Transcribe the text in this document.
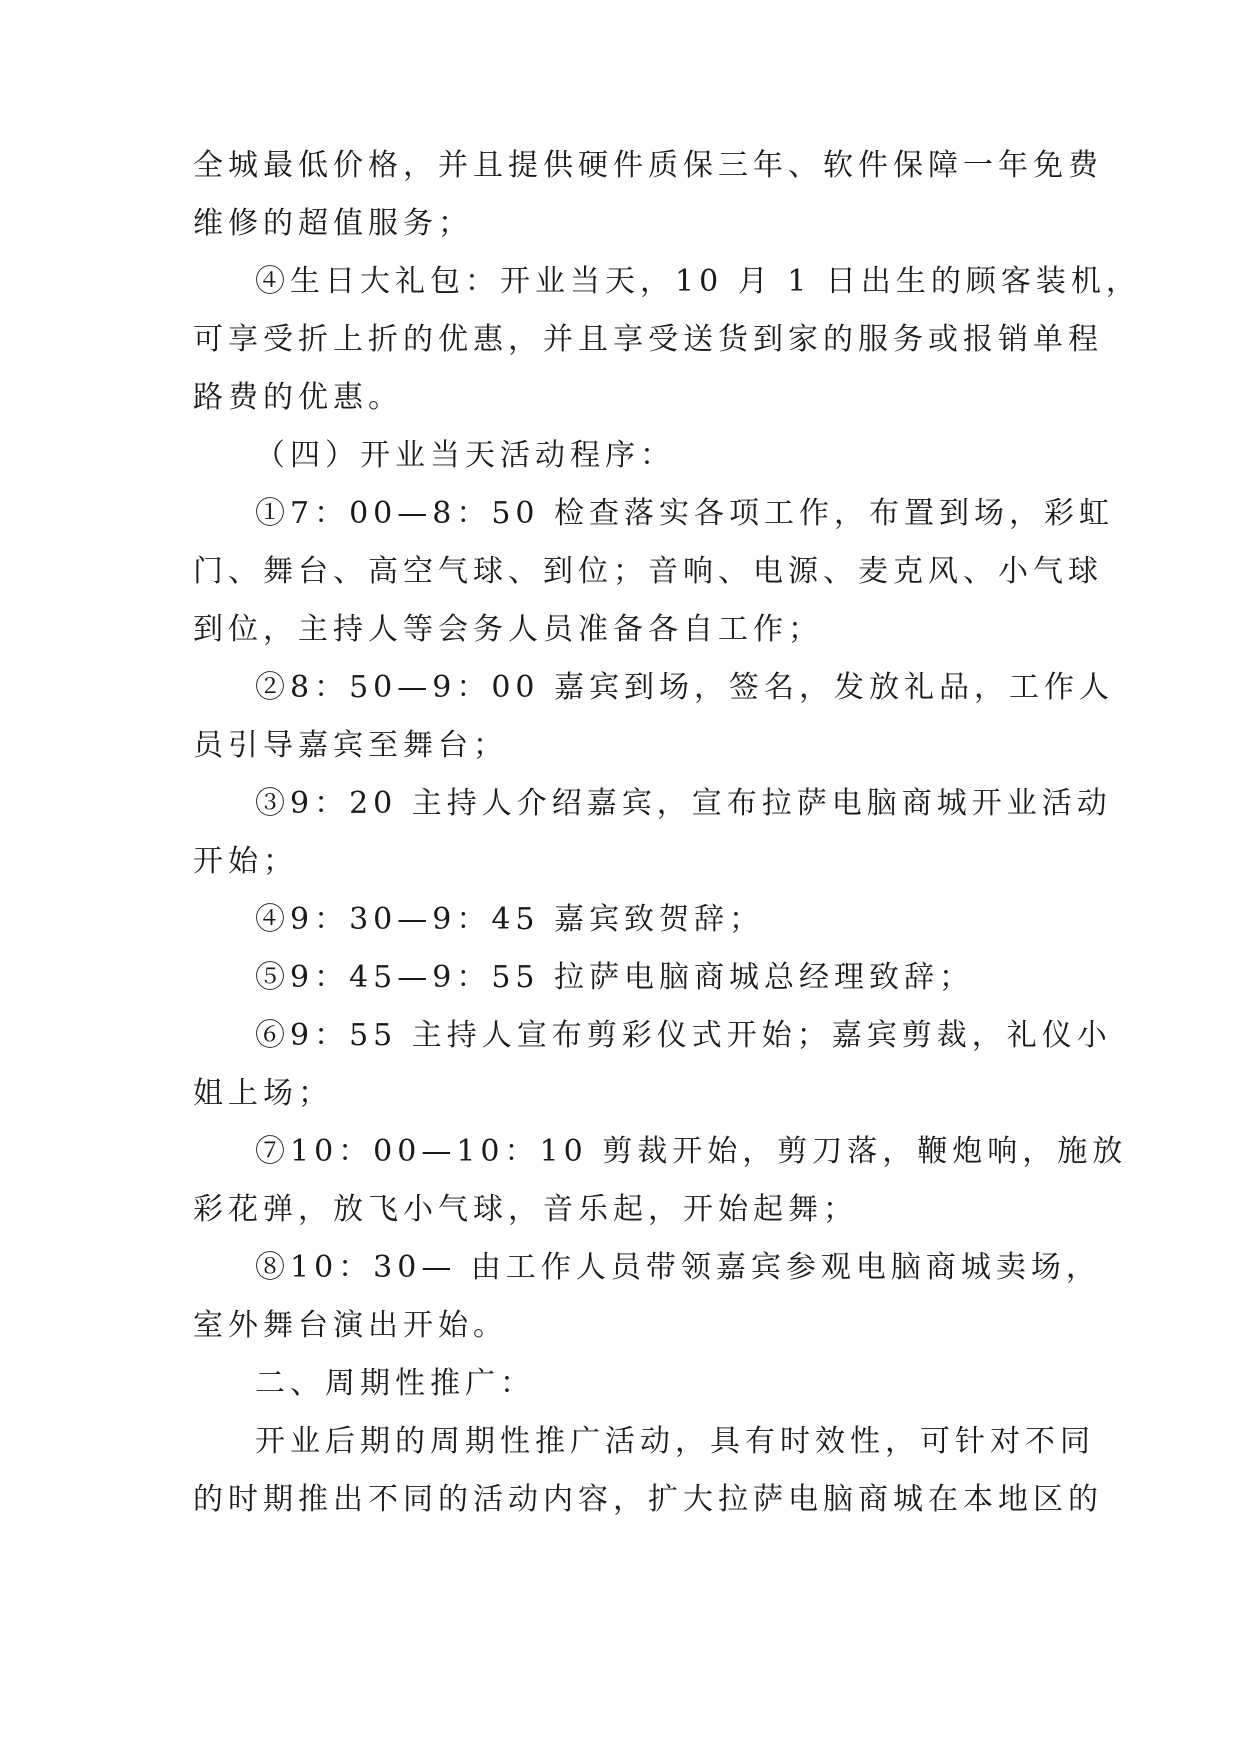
全城最低价格，并且提供硬件质保三年、软件保障一年免费
维修的超值服务；
④生日大礼包：开业当天，10 月 1 日出生的顾客装机，
可享受折上折的优惠，并且享受送货到家的服务或报销单程
路费的优惠。
（四）开业当天活动程序：
①7：00—8：50 检查落实各项工作，布置到场，彩虹
门、舞台、高空气球、到位；音响、电源、麦克风、小气球
到位，主持人等会务人员准备各自工作；
②8：50—9：00 嘉宾到场，签名，发放礼品，工作人
员引导嘉宾至舞台；
③9：20 主持人介绍嘉宾，宣布拉萨电脑商城开业活动
开始；
④9：30—9：45 嘉宾致贺辞；
⑤9：45—9：55 拉萨电脑商城总经理致辞；
⑥9：55 主持人宣布剪彩仪式开始；嘉宾剪裁，礼仪小
姐上场；
⑦10：00—10：10 剪裁开始，剪刀落，鞭炮响，施放
彩花弹，放飞小气球，音乐起，开始起舞；
⑧10：30— 由工作人员带领嘉宾参观电脑商城卖场，
室外舞台演出开始。
二、周期性推广：
开业后期的周期性推广活动，具有时效性，可针对不同
的时期推出不同的活动内容，扩大拉萨电脑商城在本地区的
